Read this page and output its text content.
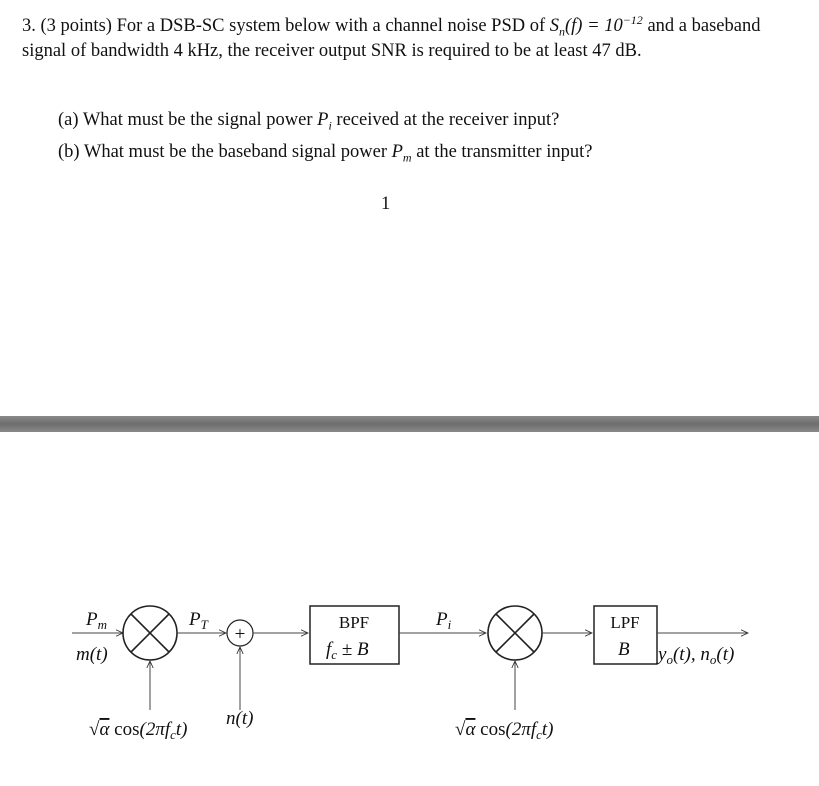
3. (3 points) For a DSB-SC system below with a channel noise PSD of $S_n(f) = 10^{-12}$ and a baseband signal of bandwidth 4 kHz, the receiver output SNR is required to be at least 47 dB.
(a) What must be the signal power $P_i$ received at the receiver input?
(b) What must be the baseband signal power $P_m$ at the transmitter input?
1
+
$P_m$
m(t)
$P_T$
n(t)
$P_i$
√α $\cos(2\pi f_ct)$	√α $\cos(2\pi f_ct)$
$f_c \pm B$	B $y_o(t)$, $n_o(t)$
BPF	LPF
